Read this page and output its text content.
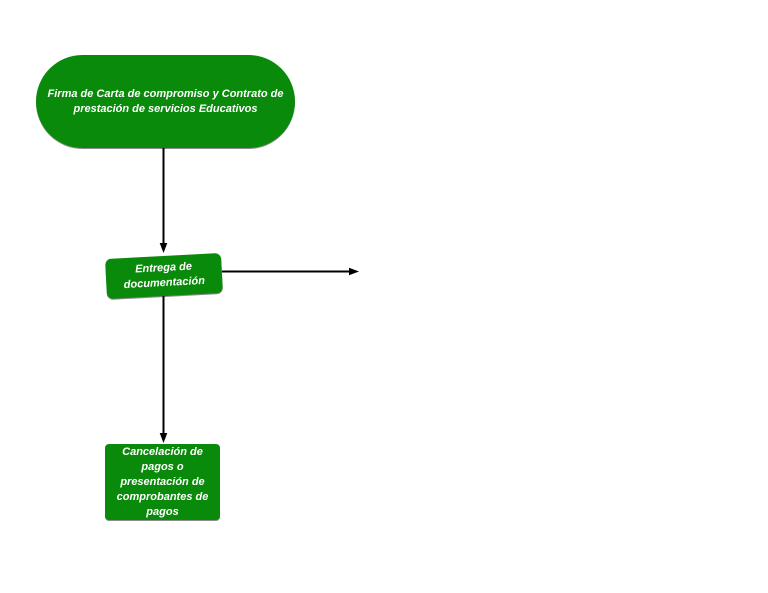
Firma de Carta de compromiso y Contrato de
prestación de servicios Educativos
Entrega de
documentación
Cancelación de
pagos o
presentación de
comprobantes de
pagos
